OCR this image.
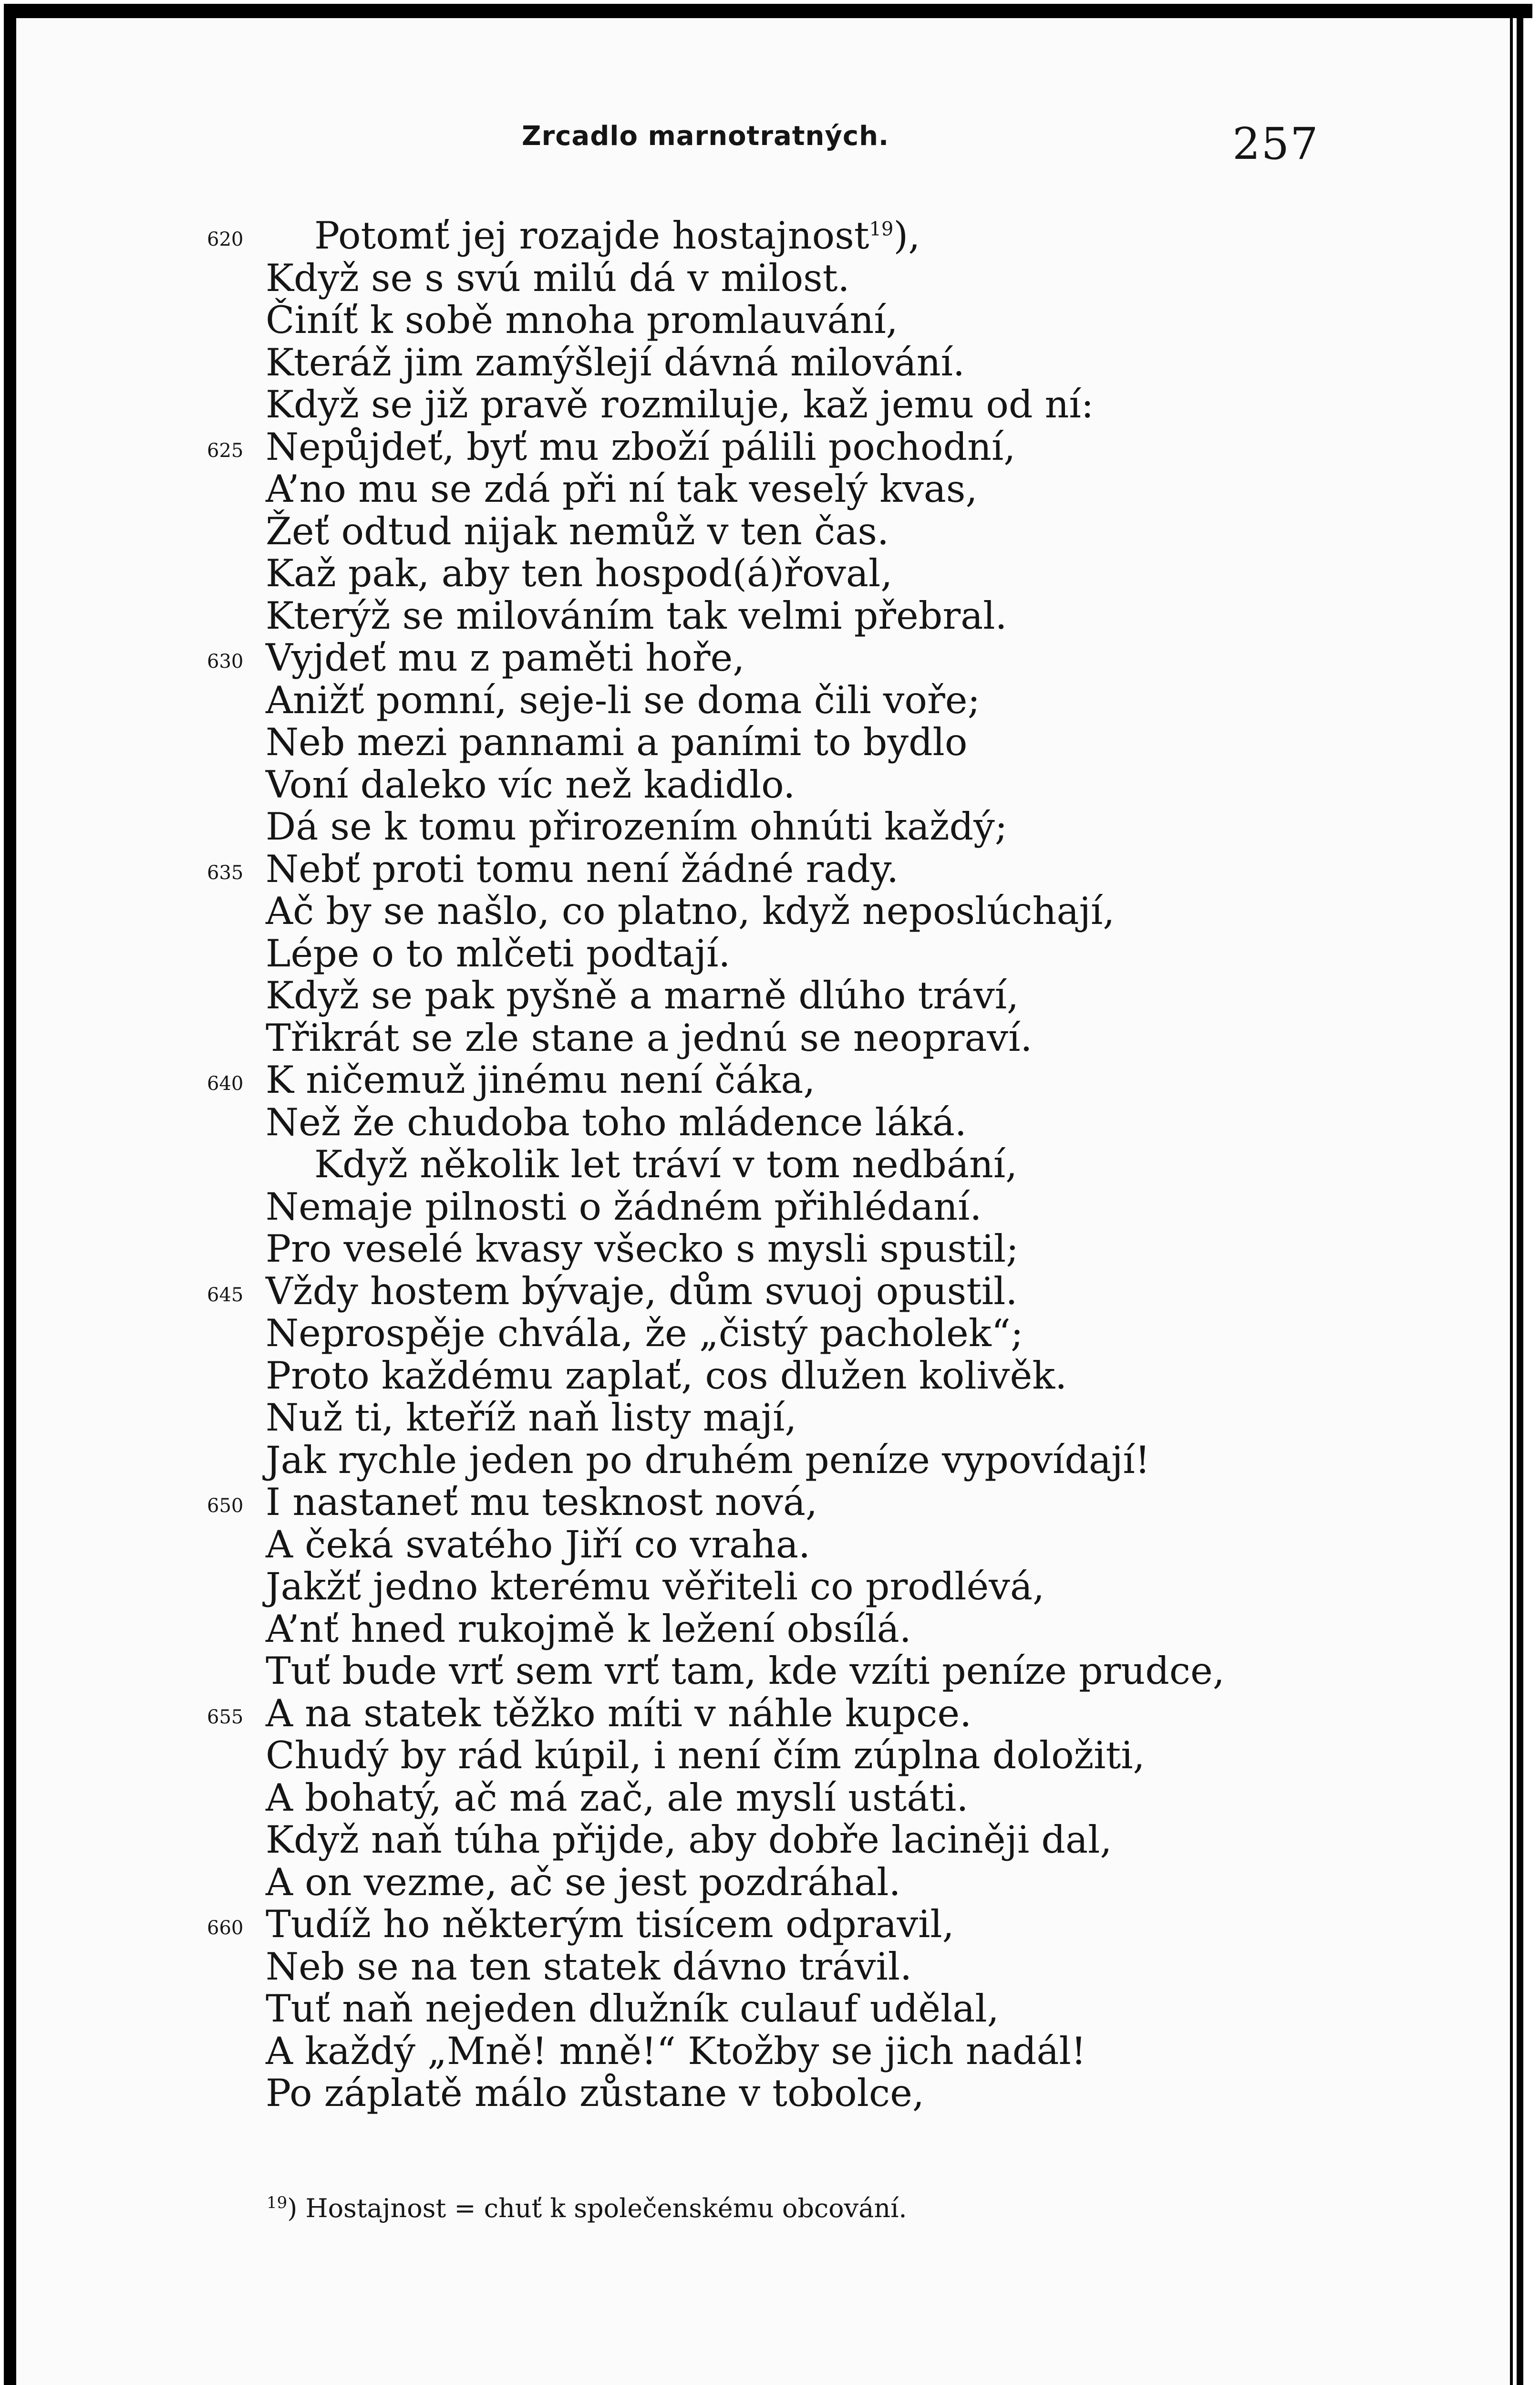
Zrcadlo marnotratných.	257
620 Potomť jej rozajde hostajnost$^{19}$),
Když se s svú milú dá v milost.
Činíť k sobě mnoha promlauvání,
Kteráž jim zamýšlejí dávná milování.
Když se již pravě rozmiluje, kaž jemu od ní:
625 Nepůjdeť, byť mu zboží pálili pochodní,
A’no mu se zdá při ní tak veselý kvas,
Žeť odtud nijak nemůž v ten čas.
Kaž pak, aby ten hospod(á)řoval,
Kterýž se milováním tak velmi přebral.
630 Vyjdeť mu z paměti hoře,
Anižť pomní, seje-li se doma čili voře;
Neb mezi pannami a paními to bydlo
Voní daleko víc než kadidlo.
Dá se k tomu přirozením ohnúti každý;
635 Nebť proti tomu není žádné rady.
Ač by se našlo, co platno, když neposlúchají,
Lépe o to mlčeti podtají.
Když se pak pyšně a marně dlúho tráví,
Třikrát se zle stane a jednú se neopraví.
640 K ničemuž jinému není čáka,
Než že chudoba toho mládence láká.
Když několik let tráví v tom nedbání,
Nemaje pilnosti o žádném přihlédaní.
Pro veselé kvasy všecko s mysli spustil;
645 Vždy hostem bývaje, dům svuoj opustil.
Neprospěje chvála, že „čistý pacholek“;
Proto každému zaplať, cos dlužen kolivěk.
Nuž ti, kteříž naň listy mají,
Jak rychle jeden po druhém peníze vypovídají!
650 I nastaneť mu tesknost nová,
A čeká svatého Jiří co vraha.
Jakžť jedno kterému věřiteli co prodlévá,
A’nť hned rukojmě k ležení obsílá.
Tuť bude vrť sem vrť tam, kde vzíti peníze prudce,
655 A na statek těžko míti v náhle kupce.
Chudý by rád kúpil, i není čím zúplna doložiti,
A bohatý, ač má zač, ale myslí ustáti.
Když naň túha přijde, aby dobře laciněji dal,
A on vezme, ač se jest pozdráhal.
660 Tudíž ho některým tisícem odpravil,
Neb se na ten statek dávno trávil.
Tuť naň nejeden dlužník culauf udělal,
A každý „Mně! mně!“ Ktožby se jich nadál!
Po záplatě málo zůstane v tobolce,
$^{19}$) Hostajnost = chuť k společenskému obcování.
